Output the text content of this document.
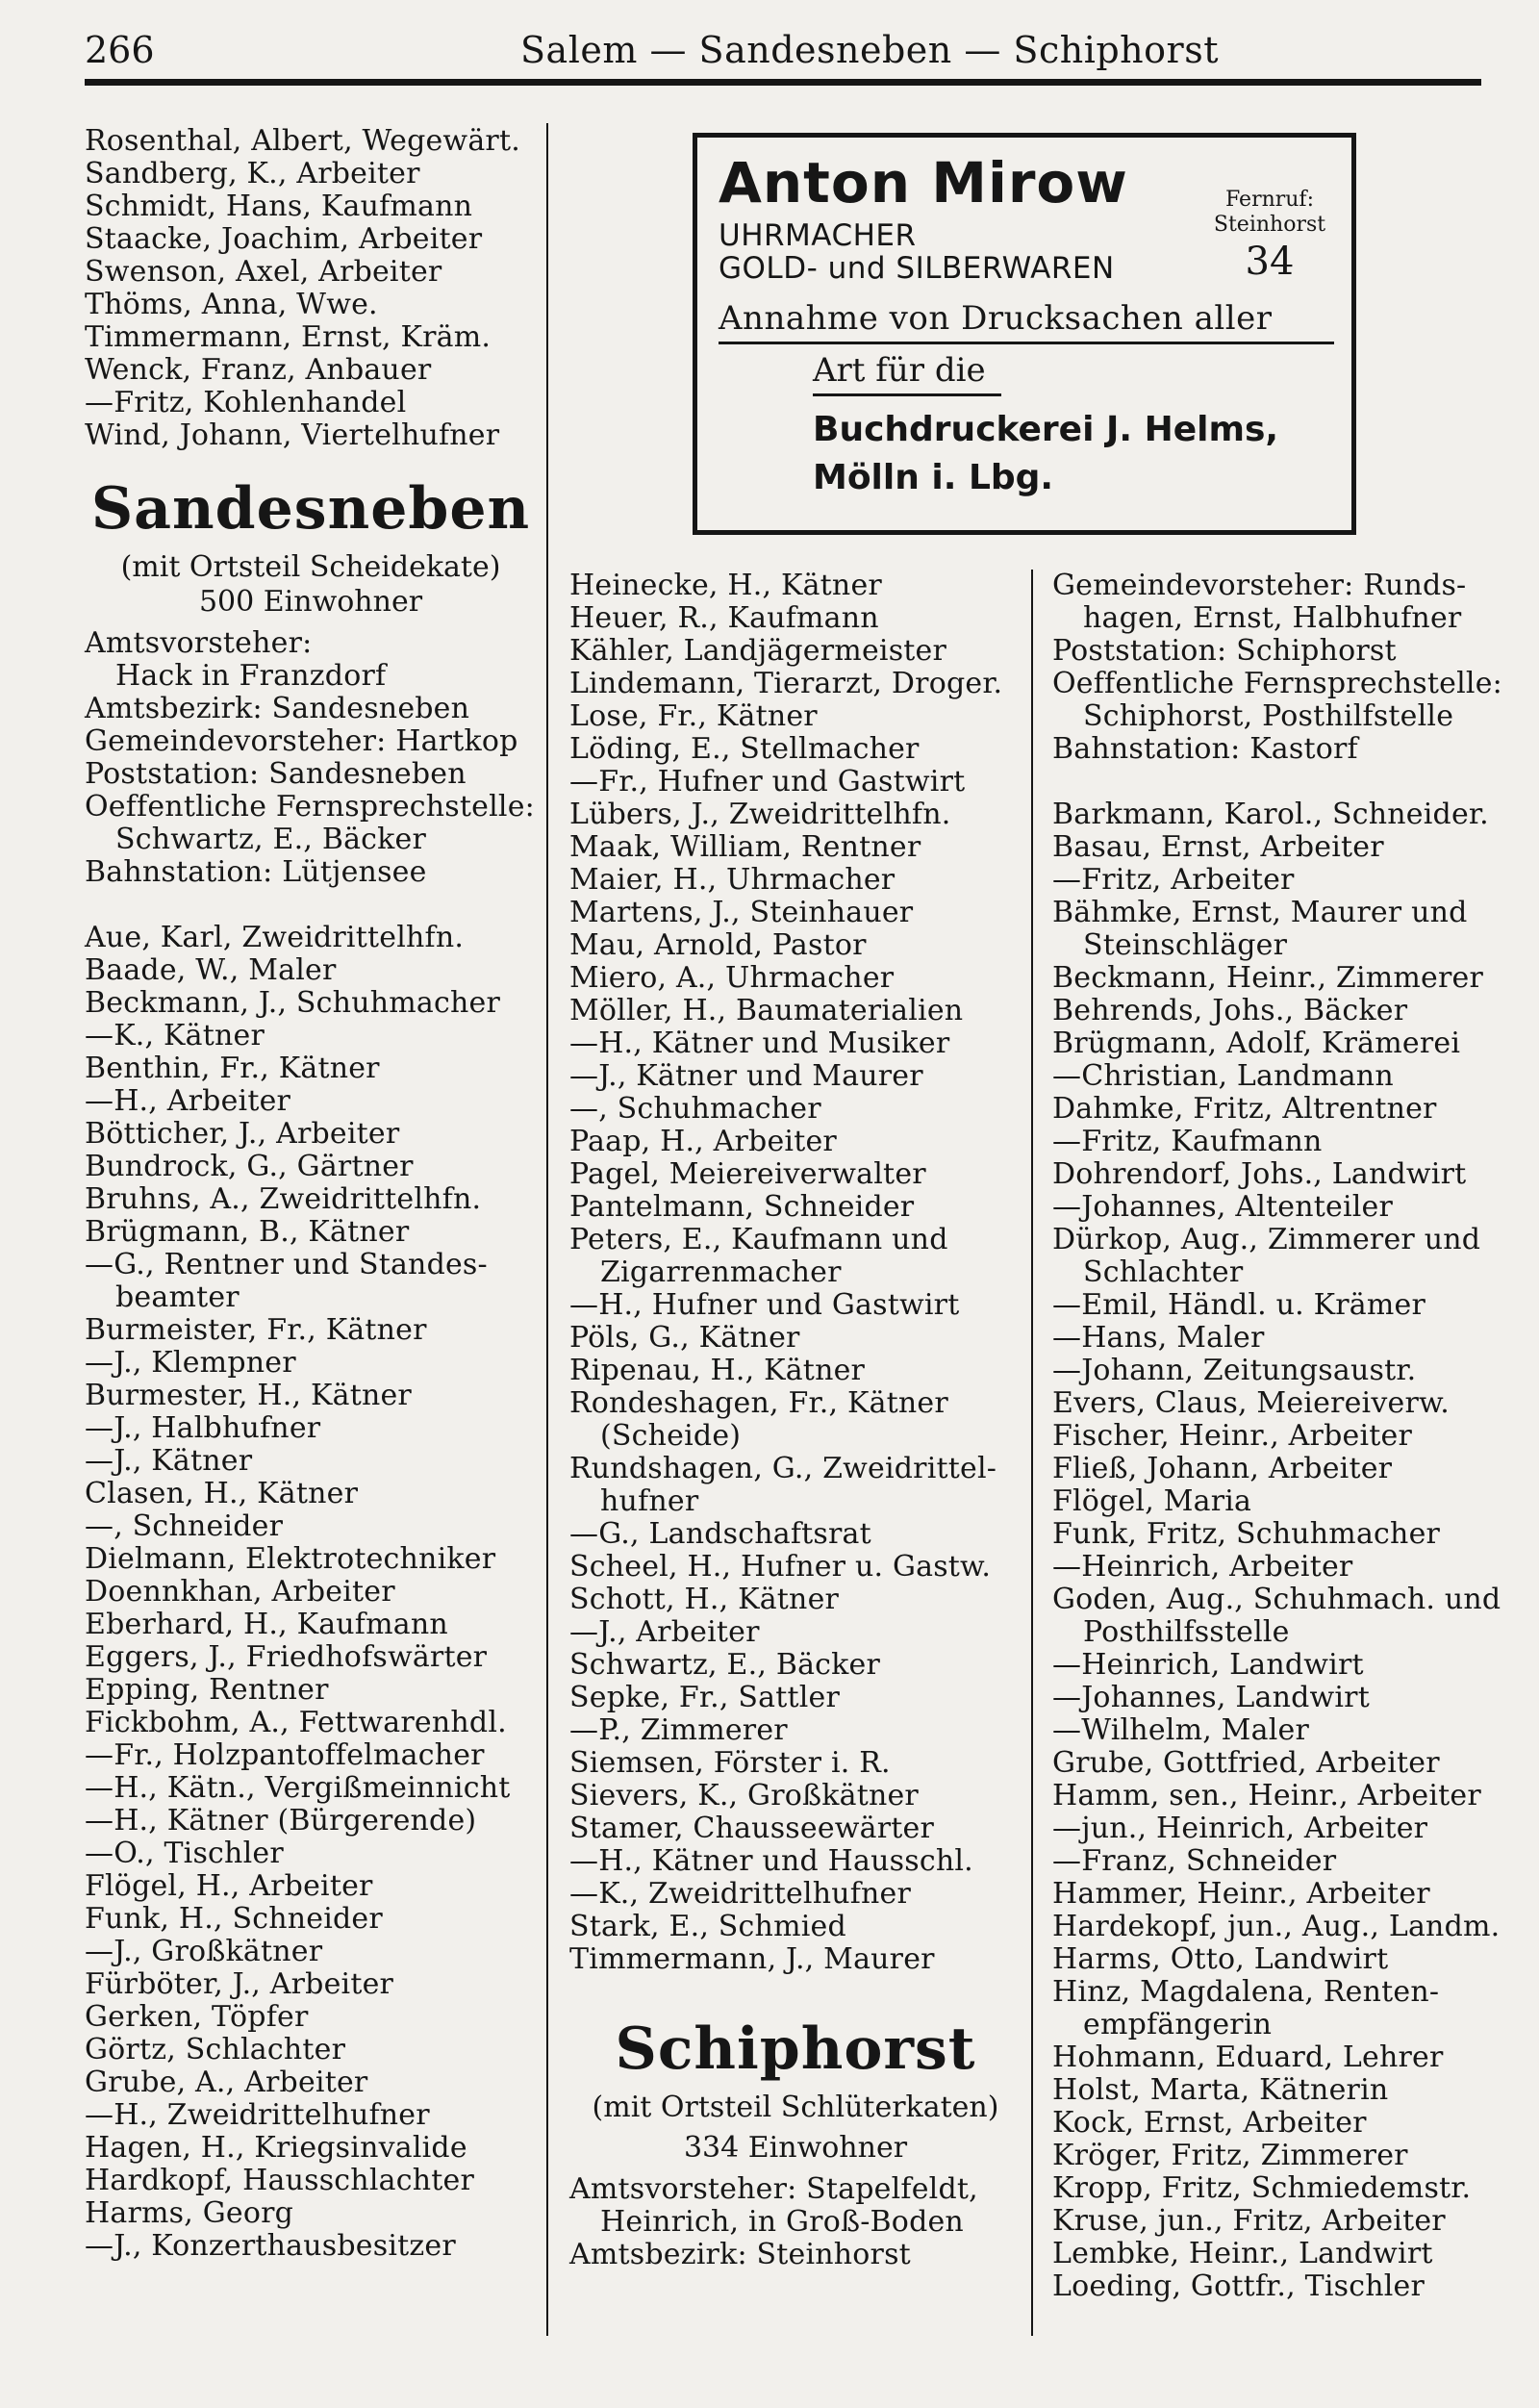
266	Salem — Sandesneben — Schiphorst
Anton Mirow
UHRMACHER
GOLD- und SILBERWAREN
Fernruf:
Steinhorst
34
Annahme von Drucksachen aller
Art für die
Buchdruckerei J. Helms,
Mölln i. Lbg.
Rosenthal, Albert, Wegewärt.
Sandberg, K., Arbeiter
Schmidt, Hans, Kaufmann
Staacke, Joachim, Arbeiter
Swenson, Axel, Arbeiter
Thöms, Anna, Wwe.
Timmermann, Ernst, Kräm.
Wenck, Franz, Anbauer
—Fritz, Kohlenhandel
Wind, Johann, Viertelhufner
Sandesneben
(mit Ortsteil Scheidekate)
500 Einwohner
Amtsvorsteher:
Hack in Franzdorf
Amtsbezirk: Sandesneben
Gemeindevorsteher: Hartkop
Poststation: Sandesneben
Oeffentliche Fernsprechstelle:
Schwartz, E., Bäcker
Bahnstation: Lütjensee
Aue, Karl, Zweidrittelhfn.
Baade, W., Maler
Beckmann, J., Schuhmacher
—K., Kätner
Benthin, Fr., Kätner
—H., Arbeiter
Bötticher, J., Arbeiter
Bundrock, G., Gärtner
Bruhns, A., Zweidrittelhfn.
Brügmann, B., Kätner
—G., Rentner und Standes-
beamter
Burmeister, Fr., Kätner
—J., Klempner
Burmester, H., Kätner
—J., Halbhufner
—J., Kätner
Clasen, H., Kätner
—, Schneider
Dielmann, Elektrotechniker
Doennkhan, Arbeiter
Eberhard, H., Kaufmann
Eggers, J., Friedhofswärter
Epping, Rentner
Fickbohm, A., Fettwarenhdl.
—Fr., Holzpantoffelmacher
—H., Kätn., Vergißmeinnicht
—H., Kätner (Bürgerende)
—O., Tischler
Flögel, H., Arbeiter
Funk, H., Schneider
—J., Großkätner
Fürböter, J., Arbeiter
Gerken, Töpfer
Görtz, Schlachter
Grube, A., Arbeiter
—H., Zweidrittelhufner
Hagen, H., Kriegsinvalide
Hardkopf, Hausschlachter
Harms, Georg
—J., Konzerthausbesitzer
Heinecke, H., Kätner
Heuer, R., Kaufmann
Kähler, Landjägermeister
Lindemann, Tierarzt, Droger.
Lose, Fr., Kätner
Löding, E., Stellmacher
—Fr., Hufner und Gastwirt
Lübers, J., Zweidrittelhfn.
Maak, William, Rentner
Maier, H., Uhrmacher
Martens, J., Steinhauer
Mau, Arnold, Pastor
Miero, A., Uhrmacher
Möller, H., Baumaterialien
—H., Kätner und Musiker
—J., Kätner und Maurer
—, Schuhmacher
Paap, H., Arbeiter
Pagel, Meiereiverwalter
Pantelmann, Schneider
Peters, E., Kaufmann und
Zigarrenmacher
—H., Hufner und Gastwirt
Pöls, G., Kätner
Ripenau, H., Kätner
Rondeshagen, Fr., Kätner
(Scheide)
Rundshagen, G., Zweidrittel-
hufner
—G., Landschaftsrat
Scheel, H., Hufner u. Gastw.
Schott, H., Kätner
—J., Arbeiter
Schwartz, E., Bäcker
Sepke, Fr., Sattler
—P., Zimmerer
Siemsen, Förster i. R.
Sievers, K., Großkätner
Stamer, Chausseewärter
—H., Kätner und Hausschl.
—K., Zweidrittelhufner
Stark, E., Schmied
Timmermann, J., Maurer
Schiphorst
(mit Ortsteil Schlüterkaten)
334 Einwohner
Amtsvorsteher: Stapelfeldt,
Heinrich, in Groß-Boden
Amtsbezirk: Steinhorst
Gemeindevorsteher: Runds-
hagen, Ernst, Halbhufner
Poststation: Schiphorst
Oeffentliche Fernsprechstelle:
Schiphorst, Posthilfstelle
Bahnstation: Kastorf
Barkmann, Karol., Schneider.
Basau, Ernst, Arbeiter
—Fritz, Arbeiter
Bähmke, Ernst, Maurer und
Steinschläger
Beckmann, Heinr., Zimmerer
Behrends, Johs., Bäcker
Brügmann, Adolf, Krämerei
—Christian, Landmann
Dahmke, Fritz, Altrentner
—Fritz, Kaufmann
Dohrendorf, Johs., Landwirt
—Johannes, Altenteiler
Dürkop, Aug., Zimmerer und
Schlachter
—Emil, Händl. u. Krämer
—Hans, Maler
—Johann, Zeitungsaustr.
Evers, Claus, Meiereiverw.
Fischer, Heinr., Arbeiter
Fließ, Johann, Arbeiter
Flögel, Maria
Funk, Fritz, Schuhmacher
—Heinrich, Arbeiter
Goden, Aug., Schuhmach. und
Posthilfsstelle
—Heinrich, Landwirt
—Johannes, Landwirt
—Wilhelm, Maler
Grube, Gottfried, Arbeiter
Hamm, sen., Heinr., Arbeiter
—jun., Heinrich, Arbeiter
—Franz, Schneider
Hammer, Heinr., Arbeiter
Hardekopf, jun., Aug., Landm.
Harms, Otto, Landwirt
Hinz, Magdalena, Renten-
empfängerin
Hohmann, Eduard, Lehrer
Holst, Marta, Kätnerin
Kock, Ernst, Arbeiter
Kröger, Fritz, Zimmerer
Kropp, Fritz, Schmiedemstr.
Kruse, jun., Fritz, Arbeiter
Lembke, Heinr., Landwirt
Loeding, Gottfr., Tischler
